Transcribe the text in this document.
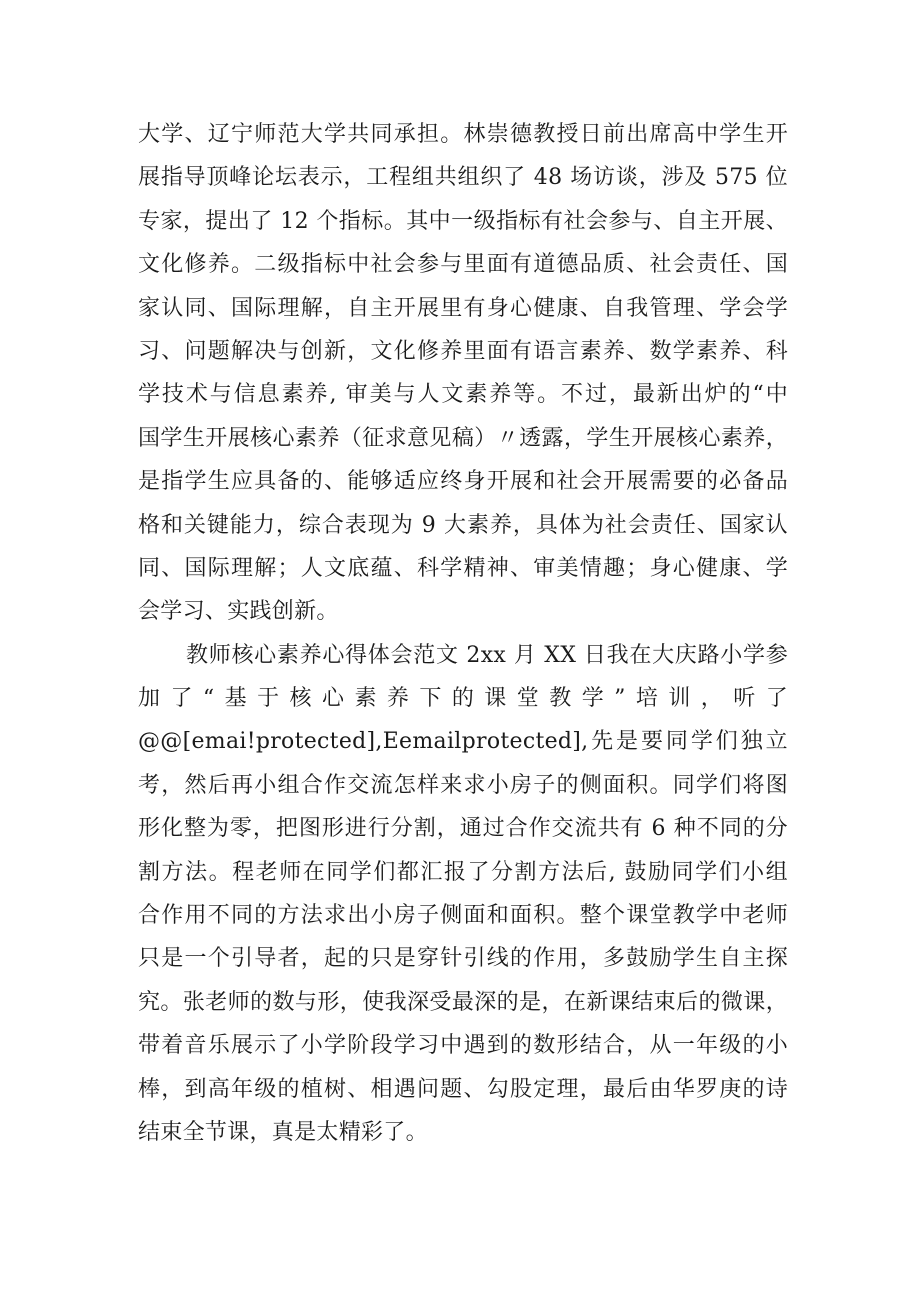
大学、辽宁师范大学共同承担。林崇德教授日前出席高中学生开
展指导顶峰论坛表示，工程组共组织了 48 场访谈，涉及 575 位
专家，提出了 12 个指标。其中一级指标有社会参与、自主开展、
文化修养。二级指标中社会参与里面有道德品质、社会责任、国
家认同、国际理解，自主开展里有身心健康、自我管理、学会学
习、问题解决与创新，文化修养里面有语言素养、数学素养、科
学技术与信息素养, 审美与人文素养等。不过，最新出炉的“中
国学生开展核心素养（征求意见稿）〃透露，学生开展核心素养，
是指学生应具备的、能够适应终身开展和社会开展需要的必备品
格和关键能力，综合表现为 9 大素养，具体为社会责任、国家认
同、国际理解；人文底蕴、科学精神、审美情趣；身心健康、学
会学习、实践创新。
教师核心素养心得体会范文 2xx 月 XX 日我在大庆路小学参
加了“基于核心素养下的课堂教学”培训，听了
@@[emai!protected],Eemailprotected],先是要同学们独立
考，然后再小组合作交流怎样来求小房子的侧面积。同学们将图
形化整为零，把图形进行分割，通过合作交流共有 6 种不同的分
割方法。程老师在同学们都汇报了分割方法后, 鼓励同学们小组
合作用不同的方法求出小房子侧面和面积。整个课堂教学中老师
只是一个引导者，起的只是穿针引线的作用，多鼓励学生自主探
究。张老师的数与形，使我深受最深的是，在新课结束后的微课，
带着音乐展示了小学阶段学习中遇到的数形结合，从一年级的小
棒，到高年级的植树、相遇问题、勾股定理，最后由华罗庚的诗
结束全节课，真是太精彩了。
